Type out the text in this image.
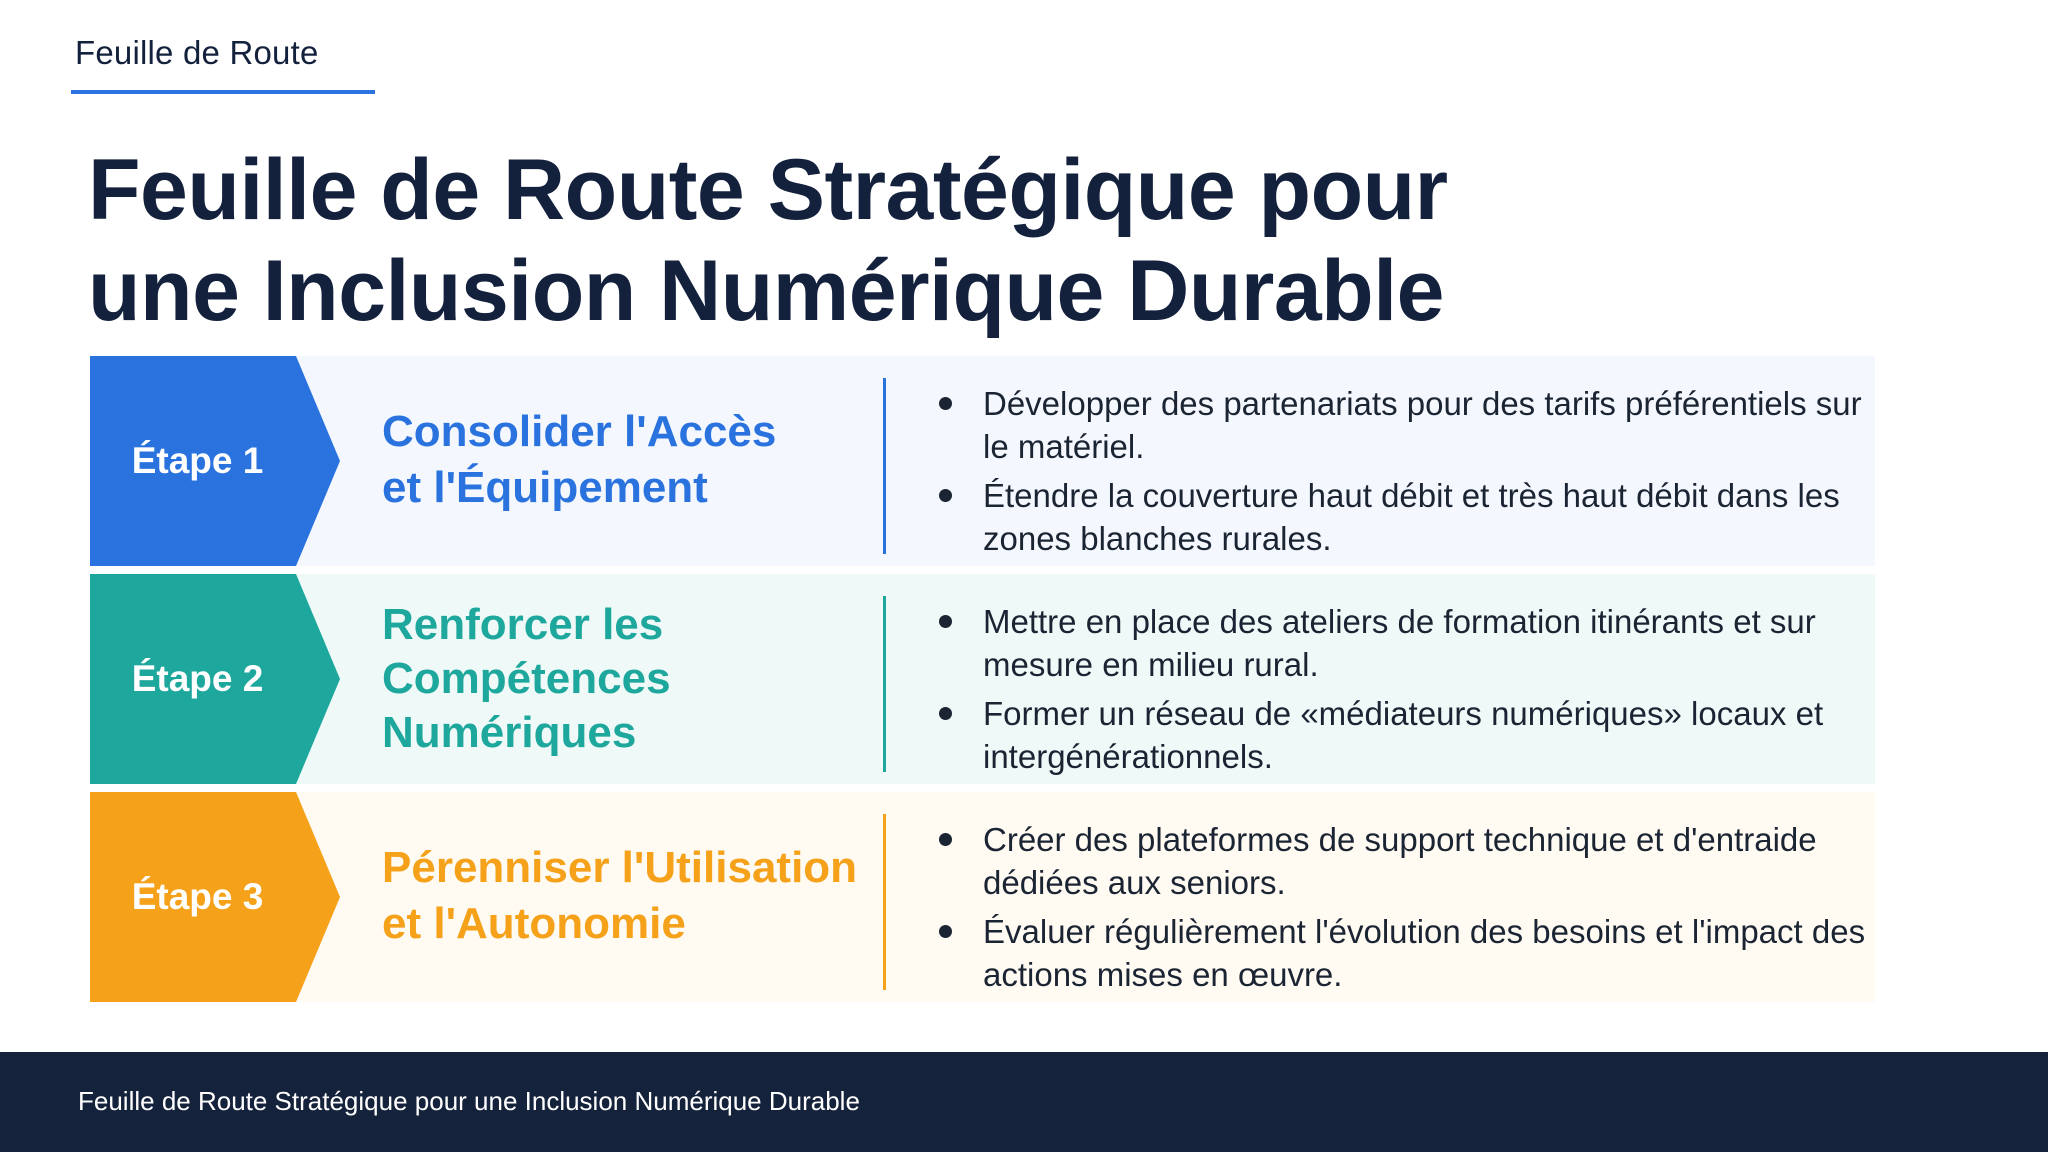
Feuille de Route
Feuille de Route Stratégique pour
une Inclusion Numérique Durable
Étape 1
Consolider l'Accès
et l'Équipement
Développer des partenariats pour des tarifs préférentiels sur le matériel.
Étendre la couverture haut débit et très haut débit dans les zones blanches rurales.
Étape 2
Renforcer les
Compétences
Numériques
Mettre en place des ateliers de formation itinérants et sur mesure en milieu rural.
Former un réseau de «médiateurs numériques» locaux et intergénérationnels.
Étape 3
Pérenniser l'Utilisation
et l'Autonomie
Créer des plateformes de support technique et d'entraide dédiées aux seniors.
Évaluer régulièrement l'évolution des besoins et l'impact des actions mises en œuvre.
Feuille de Route Stratégique pour une Inclusion Numérique Durable
